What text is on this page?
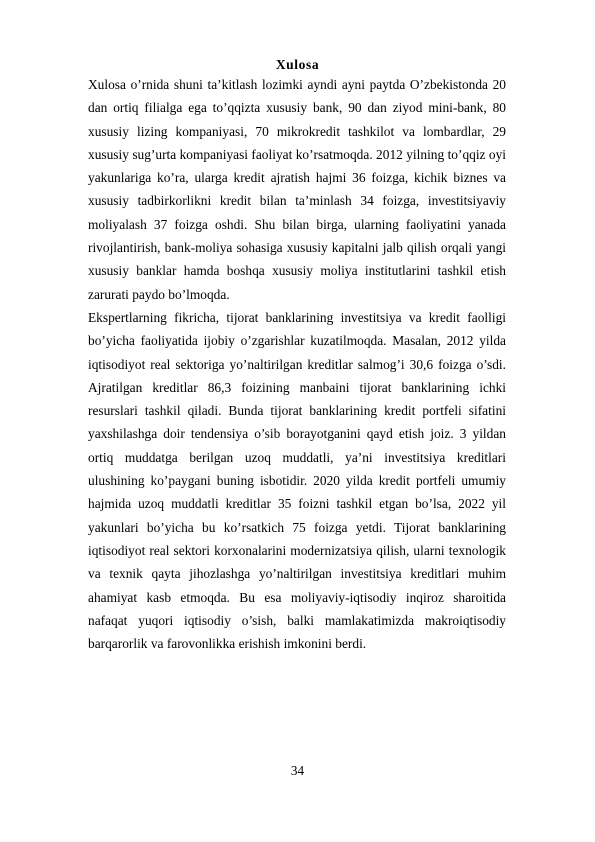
Xulosa

Xulosa o’rnida shuni ta’kitlash lozimki ayndi ayni paytda O’zbekistonda 20 dan ortiq filialga ega to’qqizta xususiy bank, 90 dan ziyod mini-bank, 80 xususiy lizing kompaniyasi, 70 mikrokredit tashkilot va lombardlar, 29 xususiy sug’urta kompaniyasi faoliyat ko’rsatmoqda. 2012 yilning to’qqiz oyi yakunlariga ko’ra, ularga kredit ajratish hajmi 36 foizga, kichik biznes va xususiy tadbirkorlikni kredit bilan ta’minlash 34 foizga, investitsiyaviy moliyalash 37 foizga oshdi. Shu bilan birga, ularning faoliyatini yanada rivojlantirish, bank-moliya sohasiga xususiy kapitalni jalb qilish orqali yangi xususiy banklar hamda boshqa xususiy moliya institutlarini tashkil etish zarurati paydo bo’lmoqda.

Ekspertlarning fikricha, tijorat banklarining investitsiya va kredit faolligi bo’yicha faoliyatida ijobiy o’zgarishlar kuzatilmoqda. Masalan, 2012 yilda iqtisodiyot real sektoriga yo’naltirilgan kreditlar salmog’i 30,6 foizga o’sdi. Ajratilgan kreditlar 86,3 foizining manbaini tijorat banklarining ichki resurslari tashkil qiladi. Bunda tijorat banklarining kredit portfeli sifatini yaxshilashga doir tendensiya o’sib borayotganini qayd etish joiz. 3 yildan ortiq muddatga berilgan uzoq muddatli, ya’ni investitsiya kreditlari ulushining ko’paygani buning isbotidir. 2020 yilda kredit portfeli umumiy hajmida uzoq muddatli kreditlar 35 foizni tashkil etgan bo’lsa, 2022 yil yakunlari bo’yicha bu ko’rsatkich 75 foizga yetdi. Tijorat banklarining iqtisodiyot real sektori korxonalarini modernizatsiya qilish, ularni texnologik va texnik qayta jihozlashga yo’naltirilgan investitsiya kreditlari muhim ahamiyat kasb etmoqda. Bu esa moliyaviy-iqtisodiy inqiroz sharoitida nafaqat yuqori iqtisodiy o’sish, balki mamlakatimizda makroiqtisodiy barqarorlik va farovonlikka erishish imkonini berdi.

34
